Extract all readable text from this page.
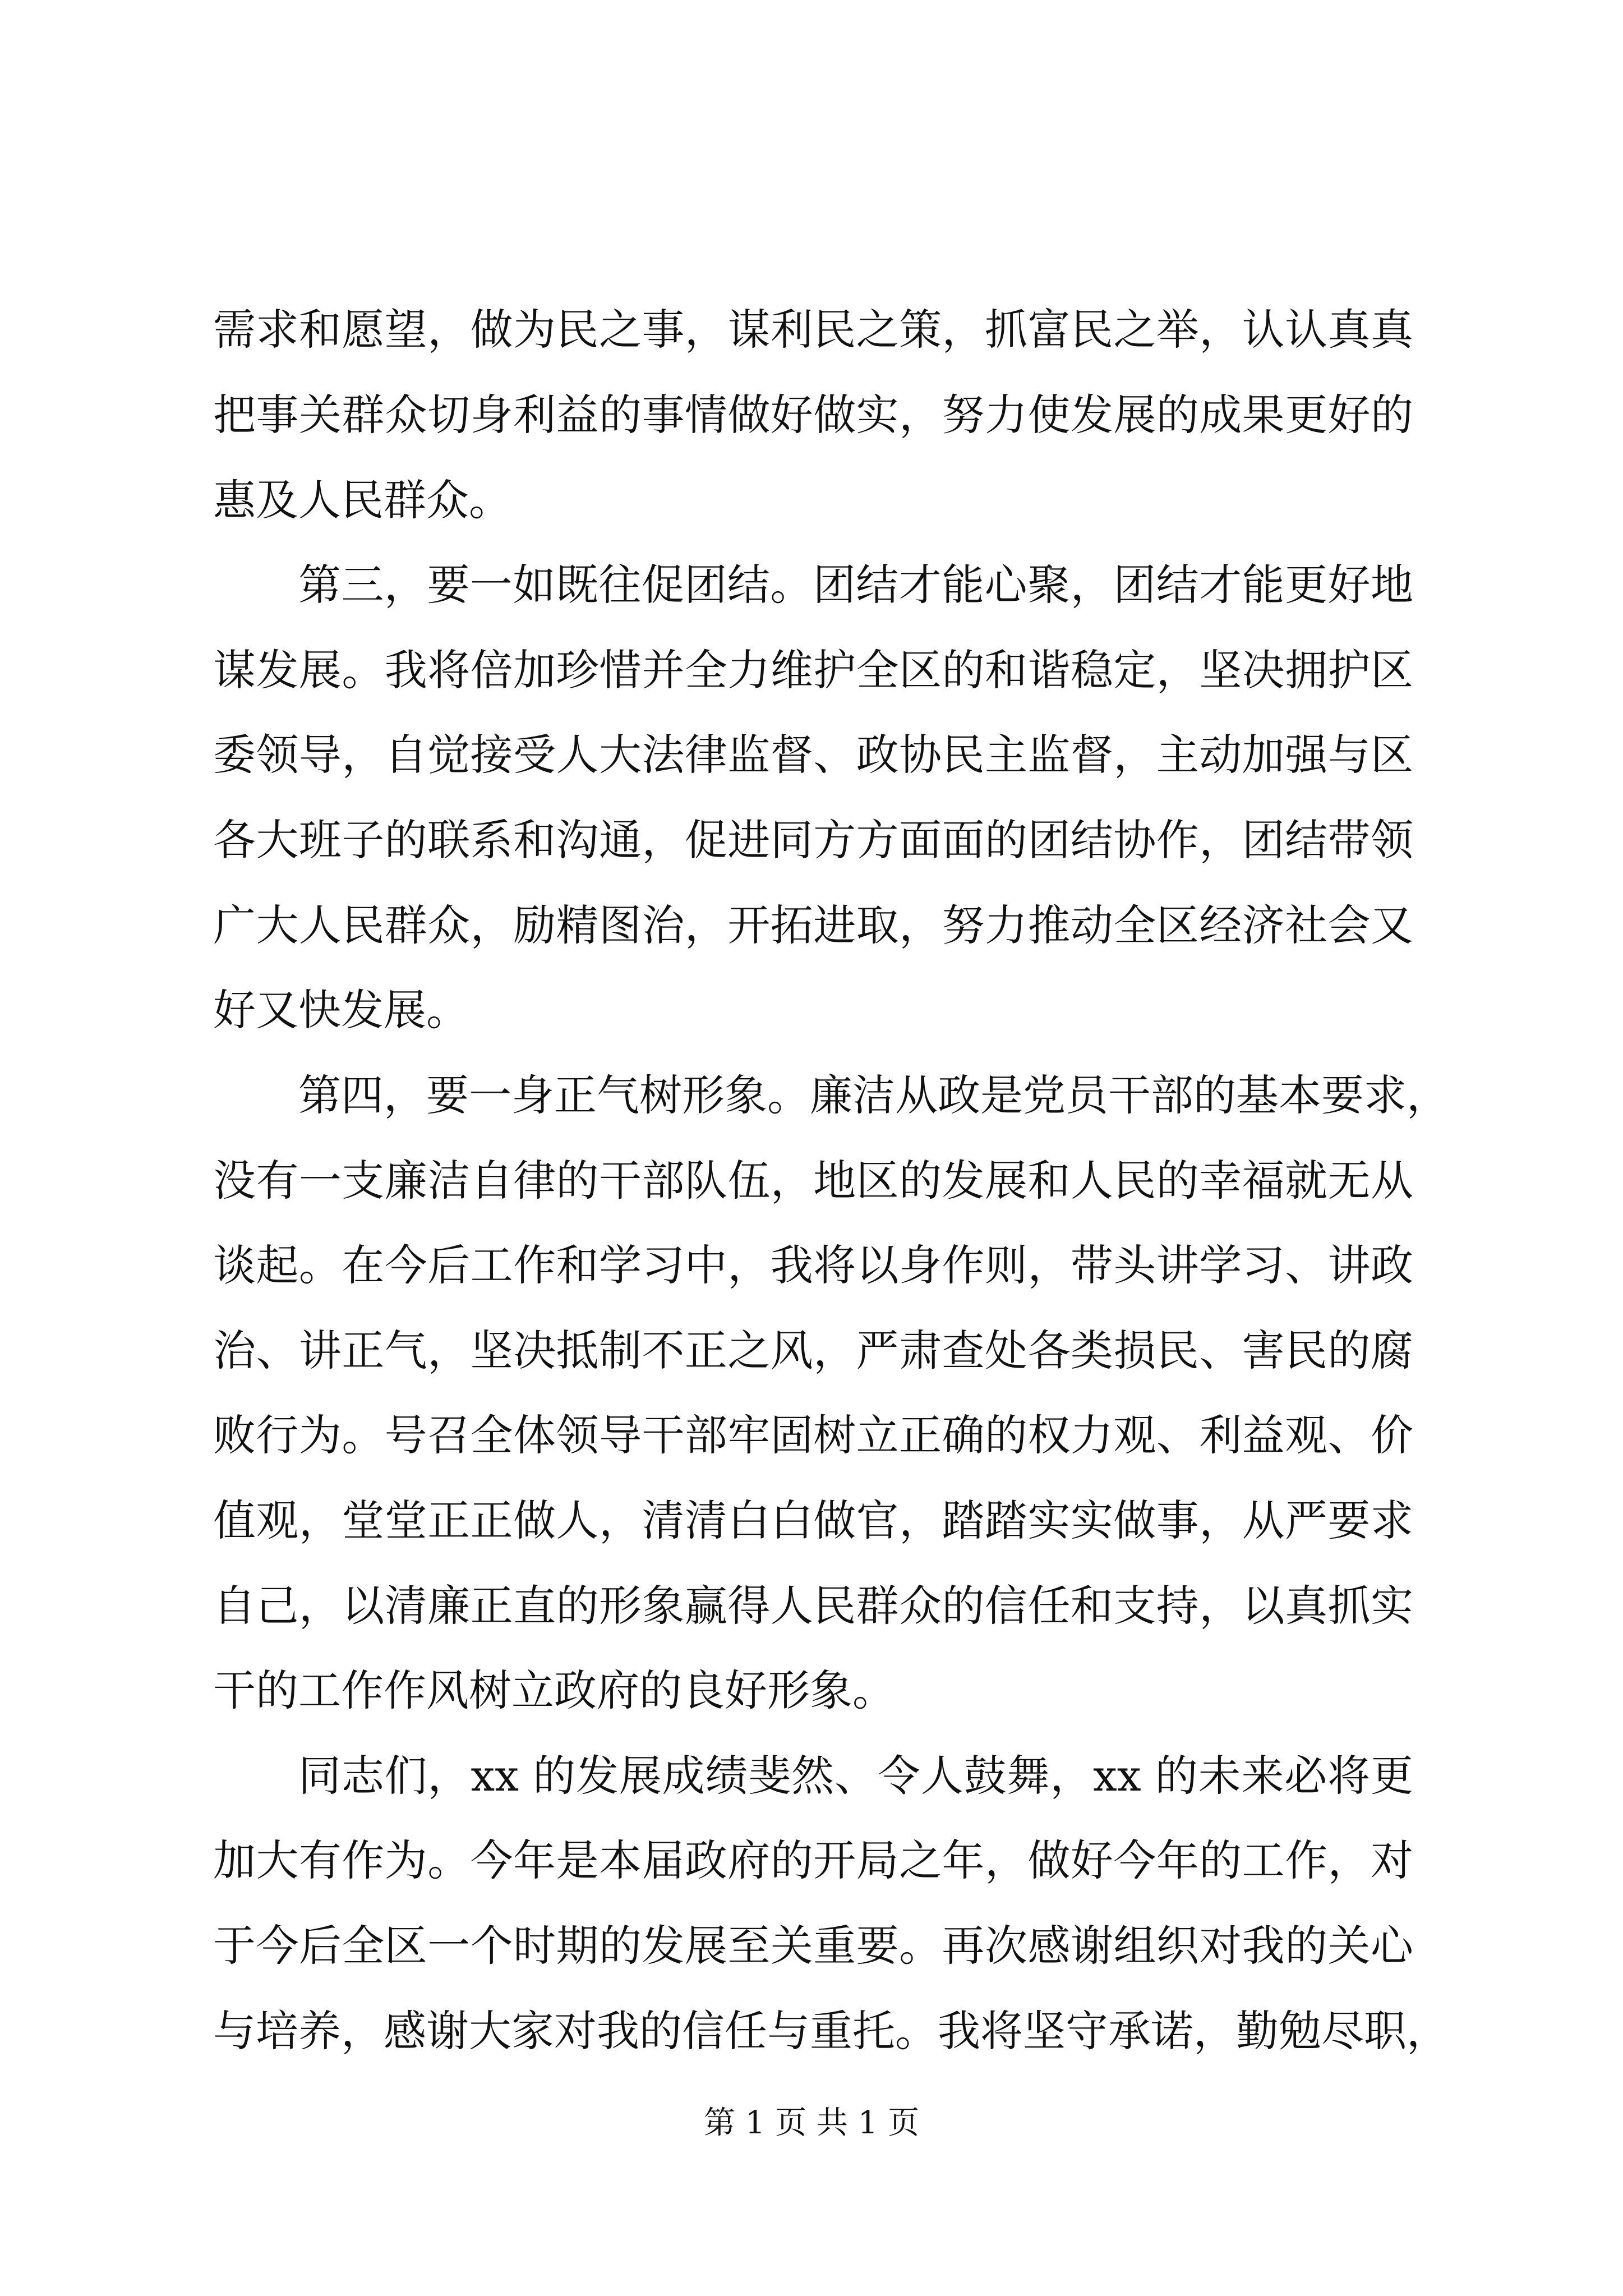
需求和愿望，做为民之事，谋利民之策，抓富民之举，认认真真
把事关群众切身利益的事情做好做实，努力使发展的成果更好的
惠及人民群众。
第三，要一如既往促团结。团结才能心聚，团结才能更好地
谋发展。我将倍加珍惜并全力维护全区的和谐稳定，坚决拥护区
委领导，自觉接受人大法律监督、政协民主监督，主动加强与区
各大班子的联系和沟通，促进同方方面面的团结协作，团结带领
广大人民群众，励精图治，开拓进取，努力推动全区经济社会又
好又快发展。
第四，要一身正气树形象。廉洁从政是党员干部的基本要求，
没有一支廉洁自律的干部队伍，地区的发展和人民的幸福就无从
谈起。在今后工作和学习中，我将以身作则，带头讲学习、讲政
治、讲正气，坚决抵制不正之风，严肃查处各类损民、害民的腐
败行为。号召全体领导干部牢固树立正确的权力观、利益观、价
值观，堂堂正正做人，清清白白做官，踏踏实实做事，从严要求
自己，以清廉正直的形象赢得人民群众的信任和支持，以真抓实
干的工作作风树立政府的良好形象。
同志们，xx 的发展成绩斐然、令人鼓舞，xx 的未来必将更
加大有作为。今年是本届政府的开局之年，做好今年的工作，对
于今后全区一个时期的发展至关重要。再次感谢组织对我的关心
与培养，感谢大家对我的信任与重托。我将坚守承诺，勤勉尽职，
第 1 页 共 1 页
